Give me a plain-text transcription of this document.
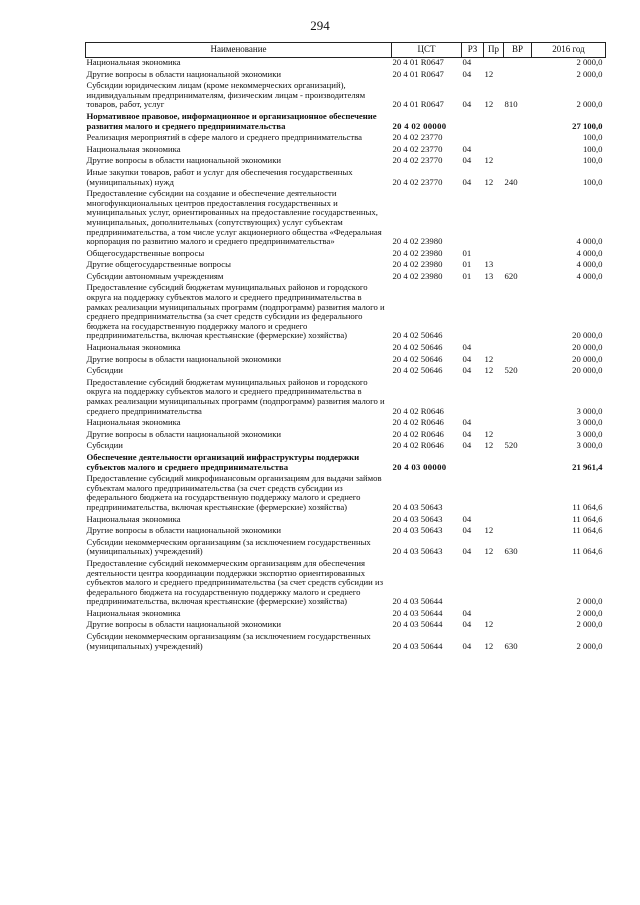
294
Наименование	ЦСТ	РЗ	Пр	ВР	2016 год
Национальная экономика	20 4 01 R0647	04			2 000,0
Другие вопросы в области национальной экономики	20 4 01 R0647	04	12		2 000,0
Субсидии юридическим лицам (кроме некоммерческих организаций), индивидуальным предпринимателям, физическим лицам - производителям товаров, работ, услуг	20 4 01 R0647	04	12	810	2 000,0
Нормативное правовое, информационное и организационное обеспечение развития малого и среднего предпринимательства	20 4 02 00000				27 100,0
Реализация мероприятий в сфере малого и среднего предпринимательства	20 4 02 23770				100,0
Национальная экономика	20 4 02 23770	04			100,0
Другие вопросы в области национальной экономики	20 4 02 23770	04	12		100,0
Иные закупки товаров, работ и услуг для обеспечения государственных (муниципальных) нужд	20 4 02 23770	04	12	240	100,0
Предоставление субсидии на создание и обеспечение деятельности многофункциональных центров предоставления государственных и муниципальных услуг, ориентированных на предоставление государственных, муниципальных, дополнительных (сопутствующих) услуг субъектам предпринимательства, а том числе услуг акционерного общества «Федеральная корпорация по развитию малого и среднего предпринимательства»	20 4 02 23980				4 000,0
Общегосударственные вопросы	20 4 02 23980	01			4 000,0
Другие общегосударственные вопросы	20 4 02 23980	01	13		4 000,0
Субсидии автономным учреждениям	20 4 02 23980	01	13	620	4 000,0
Предоставление субсидий бюджетам муниципальных районов и городского округа на поддержку субъектов малого и среднего предпринимательства в рамках реализации муниципальных программ (подпрограмм) развития малого и среднего предпринимательства (за счет средств субсидии из федерального бюджета на государственную поддержку малого и среднего предпринимательства, включая крестьянские (фермерские) хозяйства)	20 4 02 50646				20 000,0
Национальная экономика	20 4 02 50646	04			20 000,0
Другие вопросы в области национальной экономики	20 4 02 50646	04	12		20 000,0
Субсидии	20 4 02 50646	04	12	520	20 000,0
Предоставление субсидий бюджетам муниципальных районов и городского округа на поддержку субъектов малого и среднего предпринимательства в рамках реализации муниципальных программ (подпрограмм) развития малого и среднего предпринимательства	20 4 02 R0646				3 000,0
Национальная экономика	20 4 02 R0646	04			3 000,0
Другие вопросы в области национальной экономики	20 4 02 R0646	04	12		3 000,0
Субсидии	20 4 02 R0646	04	12	520	3 000,0
Обеспечение деятельности организаций инфраструктуры поддержки субъектов малого и среднего предпринимательства	20 4 03 00000				21 961,4
Предоставление субсидий микрофинансовым организациям для выдачи займов субъектам малого предпринимательства (за счет средств субсидии из федерального бюджета на государственную поддержку малого и среднего предпринимательства, включая крестьянские (фермерские) хозяйства)	20 4 03 50643				11 064,6
Национальная экономика	20 4 03 50643	04			11 064,6
Другие вопросы в области национальной экономики	20 4 03 50643	04	12		11 064,6
Субсидии некоммерческим организациям (за исключением государственных (муниципальных) учреждений)	20 4 03 50643	04	12	630	11 064,6
Предоставление субсидий некоммерческим организациям для обеспечения деятельности центра координации поддержки экспортно ориентированных субъектов малого и среднего предпринимательства (за счет средств субсидии из федерального бюджета на государственную поддержку малого и среднего предпринимательства, включая крестьянские (фермерские) хозяйства)	20 4 03 50644				2 000,0
Национальная экономика	20 4 03 50644	04			2 000,0
Другие вопросы в области национальной экономики	20 4 03 50644	04	12		2 000,0
Субсидии некоммерческим организациям (за исключением государственных (муниципальных) учреждений)	20 4 03 50644	04	12	630	2 000,0
